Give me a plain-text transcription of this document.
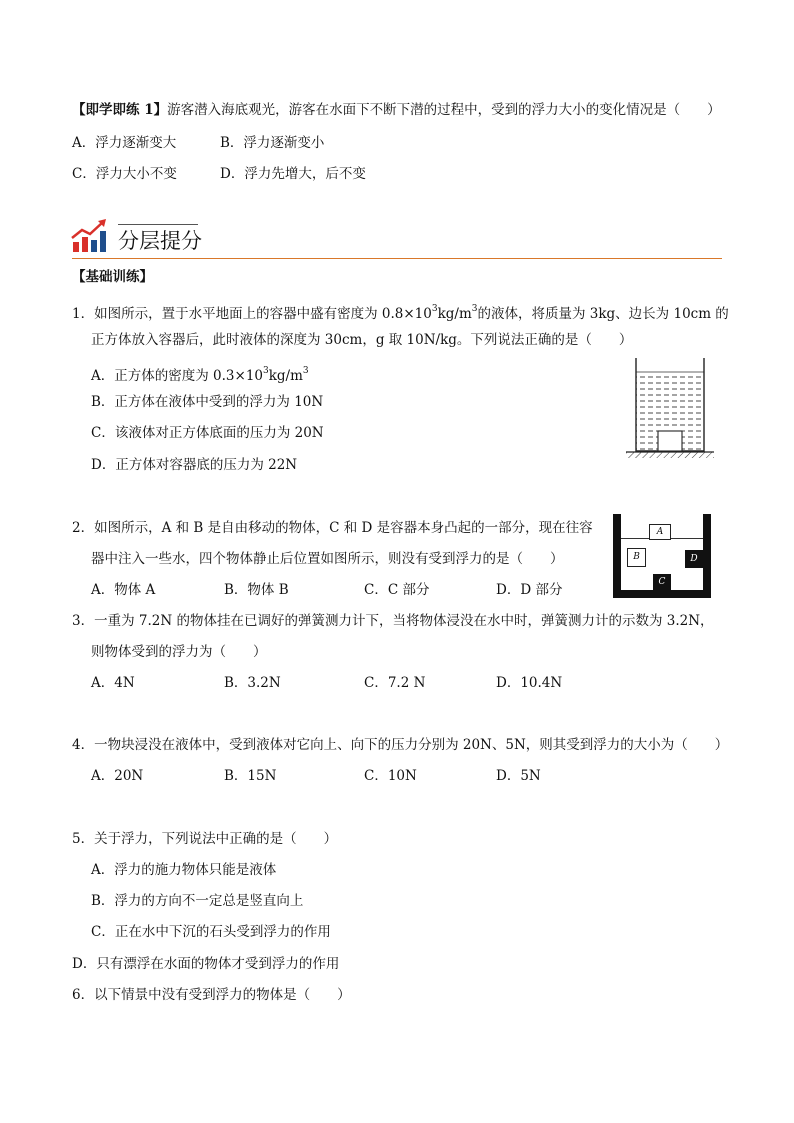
【即学即练 1】游客潜入海底观光，游客在水面下不断下潜的过程中，受到的浮力大小的变化情况是（　　）
A．浮力逐渐变大	B．浮力逐渐变小
C．浮力大小不变	D．浮力先增大，后不变
分层提分
【基础训练】
1．如图所示，置于水平地面上的容器中盛有密度为 $0.8\times 10^3kg/m^3$的液体，将质量为 3kg、边长为 10cm 的
正方体放入容器后，此时液体的深度为 30cm，g 取 10N/kg。下列说法正确的是（　　）
A．正方体的密度为 $0.3\times 10^3kg/m^3$
B．正方体在液体中受到的浮力为 10N
C．该液体对正方体底面的压力为 20N
D．正方体对容器底的压力为 22N
2．如图所示，A 和 B 是自由移动的物体，C 和 D 是容器本身凸起的一部分，现在往容
器中注入一些水，四个物体静止后位置如图所示，则没有受到浮力的是（　　）
A．物体 A	B．物体 B	C．C 部分	D．D 部分
A
B	D
C
3．一重为 7.2N 的物体挂在已调好的弹簧测力计下，当将物体浸没在水中时，弹簧测力计的示数为 3.2N，
则物体受到的浮力为（　　）
A．4N	B．3.2N	C．7.2 N	D．10.4N
4．一物块浸没在液体中，受到液体对它向上、向下的压力分别为 20N、5N，则其受到浮力的大小为（　　）
A．20N	B．15N	C．10N	D．5N
5．关于浮力，下列说法中正确的是（　　）
A．浮力的施力物体只能是液体
B．浮力的方向不一定总是竖直向上
C．正在水中下沉的石头受到浮力的作用
D．只有漂浮在水面的物体才受到浮力的作用
6．以下情景中没有受到浮力的物体是（　　）
